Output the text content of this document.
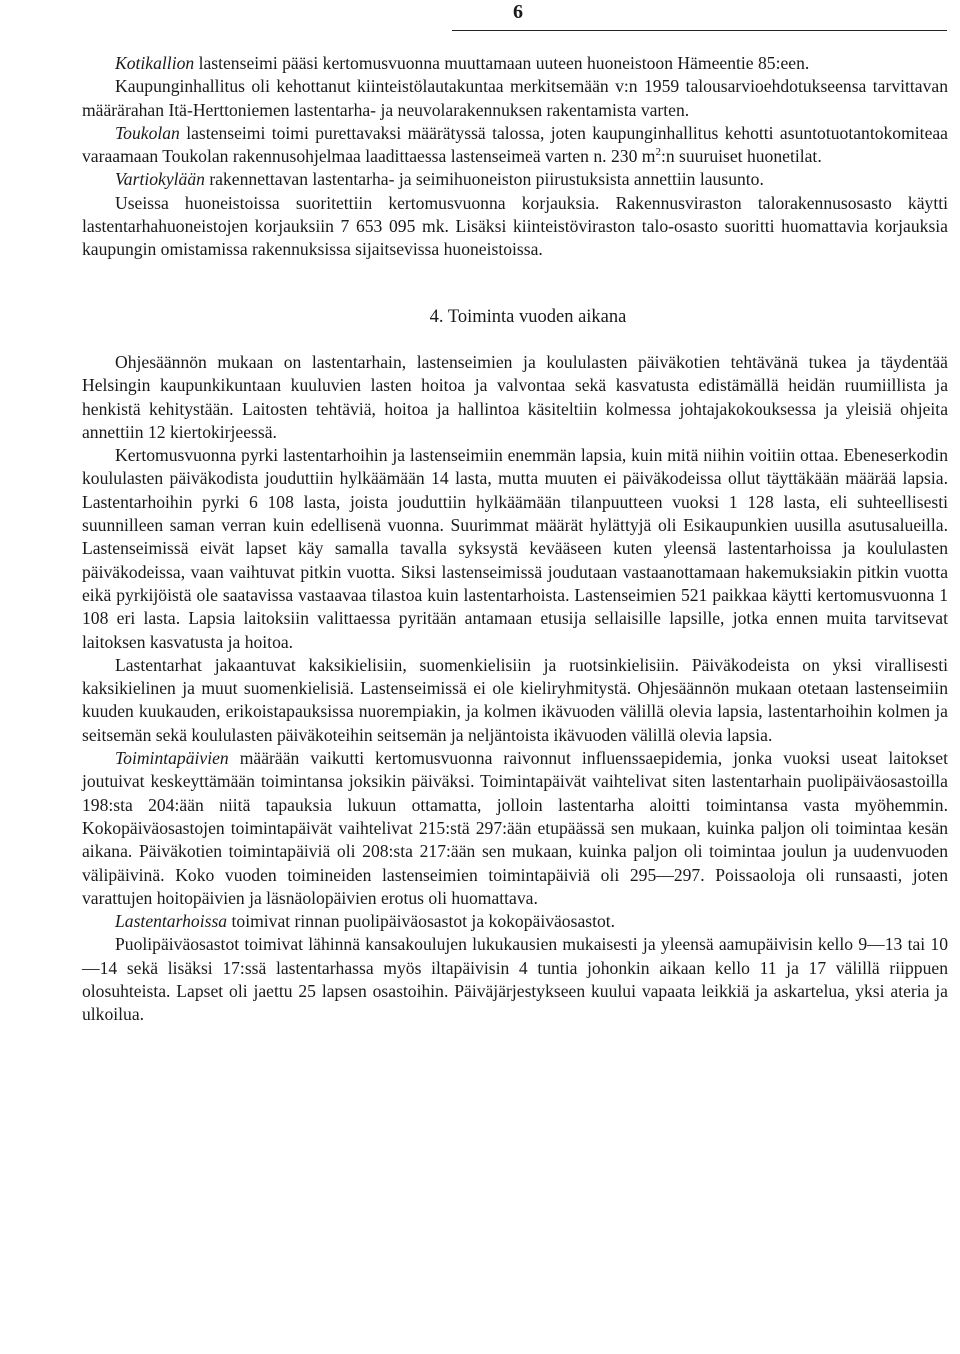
6

Kotikallion lastenseimi pääsi kertomusvuonna muuttamaan uuteen huoneistoon Hämeentie 85:een.

Kaupunginhallitus oli kehottanut kiinteistölautakuntaa merkitsemään v:n 1959 talousarvioehdotukseensa tarvittavan määrärahan Itä-Herttoniemen lastentarha- ja neuvolarakennuksen rakentamista varten.

Toukolan lastenseimi toimi purettavaksi määrätyssä talossa, joten kaupunginhallitus kehotti asuntotuotantokomiteaa varaamaan Toukolan rakennusohjelmaa laadittaessa lastenseimeä varten n. 230 $m^2:n$ suuruiset huonetilat.

Vartiokylään rakennettavan lastentarha- ja seimihuoneiston piirustuksista annettiin lausunto.

Useissa huoneistoissa suoritettiin kertomusvuonna korjauksia. Rakennusviraston talorakennusosasto käytti lastentarhahuoneistojen korjauksiin 7 653 095 mk. Lisäksi kiinteistöviraston talo-osasto suoritti huomattavia korjauksia kaupungin omistamissa rakennuksissa sijaitsevissa huoneistoissa.

4. Toiminta vuoden aikana

Ohjesäännön mukaan on lastentarhain, lastenseimien ja koululasten päiväkotien tehtävänä tukea ja täydentää Helsingin kaupunkikuntaan kuuluvien lasten hoitoa ja valvontaa sekä kasvatusta edistämällä heidän ruumiillista ja henkistä kehitystään. Laitosten tehtäviä, hoitoa ja hallintoa käsiteltiin kolmessa johtajakokouksessa ja yleisiä ohjeita annettiin 12 kiertokirjeessä.

Kertomusvuonna pyrki lastentarhoihin ja lastenseimiin enemmän lapsia, kuin mitä niihin voitiin ottaa. Ebeneserkodin koululasten päiväkodista jouduttiin hylkäämään 14 lasta, mutta muuten ei päiväkodeissa ollut täyttäkään määrää lapsia. Lastentarhoihin pyrki 6 108 lasta, joista jouduttiin hylkäämään tilanpuutteen vuoksi 1 128 lasta, eli suhteellisesti suunnilleen saman verran kuin edellisenä vuonna. Suurimmat määrät hylättyjä oli Esikaupunkien uusilla asutusalueilla. Lastenseimissä eivät lapset käy samalla tavalla syksystä kevääseen kuten yleensä lastentarhoissa ja koululasten päiväkodeissa, vaan vaihtuvat pitkin vuotta. Siksi lastenseimissä joudutaan vastaanottamaan hakemuksiakin pitkin vuotta eikä pyrkijöistä ole saatavissa vastaavaa tilastoa kuin lastentarhoista. Lastenseimien 521 paikkaa käytti kertomusvuonna 1 108 eri lasta. Lapsia laitoksiin valittaessa pyritään antamaan etusija sellaisille lapsille, jotka ennen muita tarvitsevat laitoksen kasvatusta ja hoitoa.

Lastentarhat jakaantuvat kaksikielisiin, suomenkielisiin ja ruotsinkielisiin. Päiväkodeista on yksi virallisesti kaksikielinen ja muut suomenkielisiä. Lastenseimissä ei ole kieliryhmitystä. Ohjesäännön mukaan otetaan lastenseimiin kuuden kuukauden, erikoistapauksissa nuorempiakin, ja kolmen ikävuoden välillä olevia lapsia, lastentarhoihin kolmen ja seitsemän sekä koululasten päiväkoteihin seitsemän ja neljäntoista ikävuoden välillä olevia lapsia.

Toimintapäivien määrään vaikutti kertomusvuonna raivonnut influenssaepidemia, jonka vuoksi useat laitokset joutuivat keskeyttämään toimintansa joksikin päiväksi. Toimintapäivät vaihtelivat siten lastentarhain puolipäiväosastoilla 198:sta 204:ään niitä tapauksia lukuun ottamatta, jolloin lastentarha aloitti toimintansa vasta myöhemmin. Kokopäiväosastojen toimintapäivät vaihtelivat 215:stä 297:ään etupäässä sen mukaan, kuinka paljon oli toimintaa kesän aikana. Päiväkotien toimintapäiviä oli 208:sta 217:ään sen mukaan, kuinka paljon oli toimintaa joulun ja uudenvuoden välipäivinä. Koko vuoden toimineiden lastenseimien toimintapäiviä oli 295—297. Poissaoloja oli runsaasti, joten varattujen hoitopäivien ja läsnäolopäivien erotus oli huomattava.

Lastentarhoissa toimivat rinnan puolipäiväosastot ja kokopäiväosastot.

Puolipäiväosastot toimivat lähinnä kansakoulujen lukukausien mukaisesti ja yleensä aamupäivisin kello 9—13 tai 10—14 sekä lisäksi 17:ssä lastentarhassa myös iltapäivisin 4 tuntia johonkin aikaan kello 11 ja 17 välillä riippuen olosuhteista. Lapset oli jaettu 25 lapsen osastoihin. Päiväjärjestykseen kuului vapaata leikkiä ja askartelua, yksi ateria ja ulkoilua.
